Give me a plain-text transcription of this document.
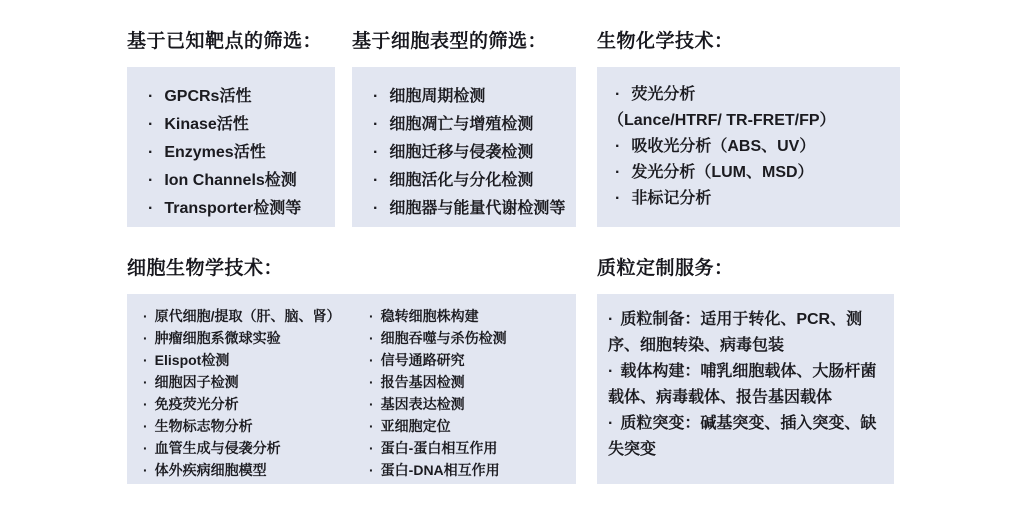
基于已知靶点的筛选：
· GPCRs活性
· Kinase活性
· Enzymes活性
· Ion Channels检测
· Transporter检测等
基于细胞表型的筛选：
· 细胞周期检测
· 细胞凋亡与增殖检测
· 细胞迁移与侵袭检测
· 细胞活化与分化检测
· 细胞器与能量代谢检测等
生物化学技术：
· 荧光分析
（Lance/HTRF/ TR-FRET/FP）
· 吸收光分析（ABS、UV）
· 发光分析（LUM、MSD）
· 非标记分析
细胞生物学技术：
· 原代细胞/提取（肝、脑、肾）
· 肿瘤细胞系微球实验
· Elispot检测
· 细胞因子检测
· 免疫荧光分析
· 生物标志物分析
· 血管生成与侵袭分析
· 体外疾病细胞模型
· 稳转细胞株构建
· 细胞吞噬与杀伤检测
· 信号通路研究
· 报告基因检测
· 基因表达检测
· 亚细胞定位
· 蛋白-蛋白相互作用
· 蛋白-DNA相互作用
质粒定制服务：

· 质粒制备：适用于转化、PCR、测序、细胞转染、病毒包装

· 载体构建：哺乳细胞载体、大肠杆菌载体、病毒载体、报告基因载体

· 质粒突变：碱基突变、插入突变、缺失突变
